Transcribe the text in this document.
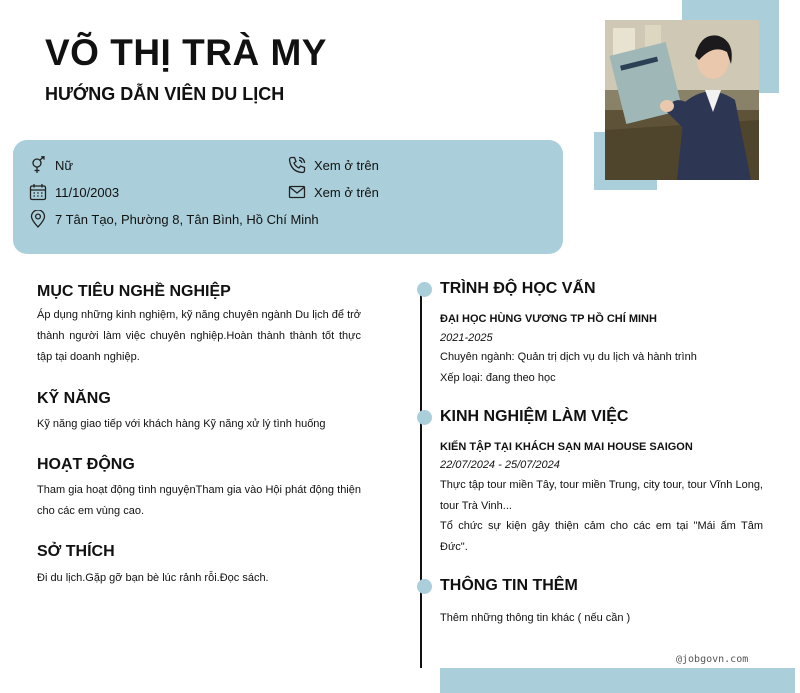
VÕ THỊ TRÀ MY
HƯỚNG DẪN VIÊN DU LỊCH
Nữ
11/10/2003
7 Tân Tạo, Phường 8, Tân Bình, Hồ Chí Minh
Xem ở trên
Xem ở trên
MỤC TIÊU NGHỀ NGHIỆP
Áp dụng những kinh nghiệm, kỹ năng chuyên ngành Du lịch để trở thành người làm việc chuyên nghiệp.Hoàn thành thành tốt thực tập tại doanh nghiệp.
KỸ NĂNG
Kỹ năng giao tiếp với khách hàng Kỹ năng xử lý tình huống
HOẠT ĐỘNG
Tham gia hoạt động tình nguyệnTham gia vào Hội phát động thiện cho các em vùng cao.
SỞ THÍCH
Đi du lịch.Gặp gỡ bạn bè lúc rảnh rỗi.Đọc sách.
TRÌNH ĐỘ HỌC VẤN
ĐẠI HỌC HÙNG VƯƠNG TP HỒ CHÍ MINH
2021-2025
Chuyên ngành: Quản trị dịch vụ du lịch và hành trình
Xếp loại: đang theo học
KINH NGHIỆM LÀM VIỆC
KIẾN TẬP TẠI KHÁCH SẠN MAI HOUSE SAIGON
22/07/2024 - 25/07/2024
Thực tập tour miền Tây, tour miền Trung, city tour, tour Vĩnh Long, tour Trà Vinh...
Tổ chức sự kiện gây thiện cảm cho các em tại "Mái ấm Tâm Đức".
THÔNG TIN THÊM
Thêm những thông tin khác ( nếu cần )
@jobgovn.com
